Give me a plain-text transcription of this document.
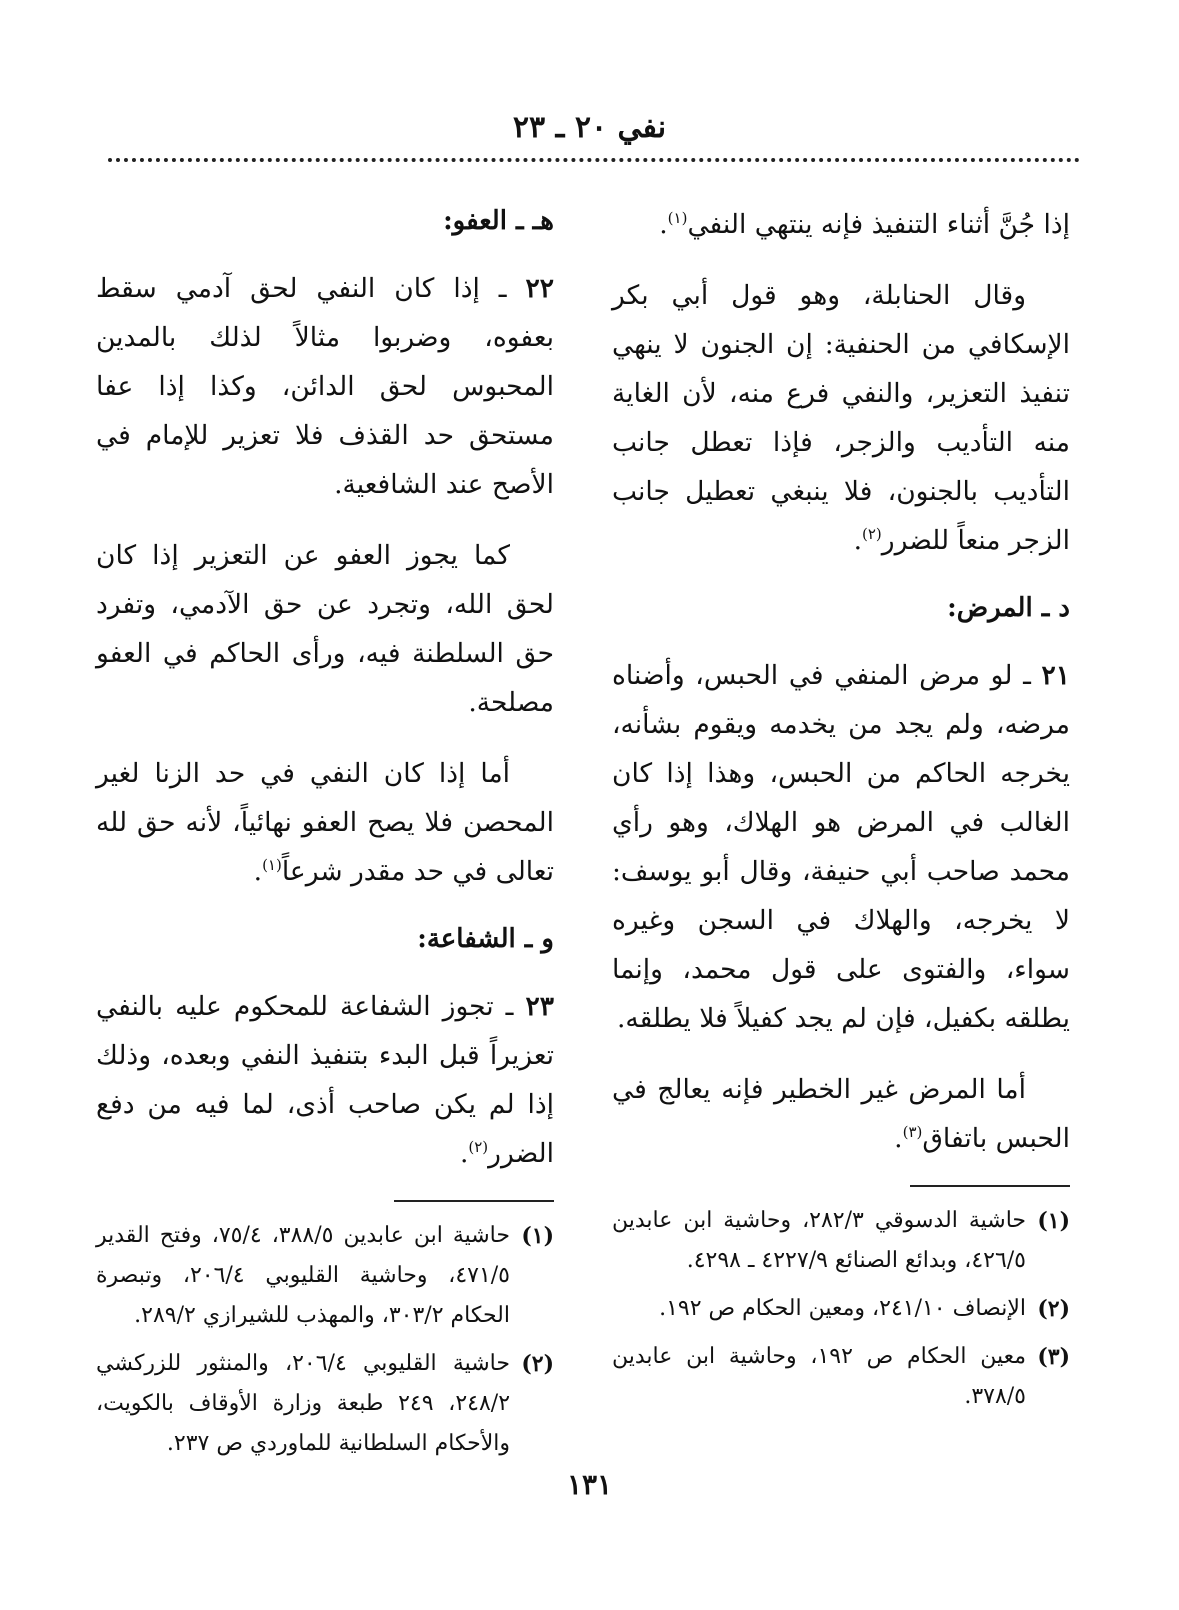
نفي ٢٠ ـ ٢٣

إذا جُنَّ أثناء التنفيذ فإنه ينتهي النفي$^{(١)}$.

وقال الحنابلة، وهو قول أبي بكر الإسكافي من الحنفية: إن الجنون لا ينهي تنفيذ التعزير، والنفي فرع منه، لأن الغاية منه التأديب والزجر، فإذا تعطل جانب التأديب بالجنون، فلا ينبغي تعطيل جانب الزجر منعاً للضرر$^{(٢)}$.

د ـ المرض:

٢١ ـ لو مرض المنفي في الحبس، وأضناه مرضه، ولم يجد من يخدمه ويقوم بشأنه، يخرجه الحاكم من الحبس، وهذا إذا كان الغالب في المرض هو الهلاك، وهو رأي محمد صاحب أبي حنيفة، وقال أبو يوسف: لا يخرجه، والهلاك في السجن وغيره سواء، والفتوى على قول محمد، وإنما يطلقه بكفيل، فإن لم يجد كفيلاً فلا يطلقه.

أما المرض غير الخطير فإنه يعالج في الحبس باتفاق$^{(٣)}$.

(١)
حاشية الدسوقي ٢٨٢/٣، وحاشية ابن عابدين ٤٢٦/٥، وبدائع الصنائع ٤٢٢٧/٩ ـ ٤٢٩٨.
(٢)
الإنصاف ٢٤١/١٠، ومعين الحكام ص ١٩٢.
(٣)
معين الحكام ص ١٩٢، وحاشية ابن عابدين ٣٧٨/٥.
هـ ـ العفو:

٢٢ ـ إذا كان النفي لحق آدمي سقط بعفوه، وضربوا مثالاً لذلك بالمدين المحبوس لحق الدائن، وكذا إذا عفا مستحق حد القذف فلا تعزير للإمام في الأصح عند الشافعية.

كما يجوز العفو عن التعزير إذا كان لحق الله، وتجرد عن حق الآدمي، وتفرد حق السلطنة فيه، ورأى الحاكم في العفو مصلحة.

أما إذا كان النفي في حد الزنا لغير المحصن فلا يصح العفو نهائياً، لأنه حق لله تعالى في حد مقدر شرعاً$^{(١)}$.

و ـ الشفاعة:

٢٣ ـ تجوز الشفاعة للمحكوم عليه بالنفي تعزيراً قبل البدء بتنفيذ النفي وبعده، وذلك إذا لم يكن صاحب أذى، لما فيه من دفع الضرر$^{(٢)}$.

(١)
حاشية ابن عابدين ٣٨٨/٥، ٧٥/٤، وفتح القدير ٤٧١/٥، وحاشية القليوبي ٢٠٦/٤، وتبصرة الحكام ٣٠٣/٢، والمهذب للشيرازي ٢٨٩/٢.
(٢)
حاشية القليوبي ٢٠٦/٤، والمنثور للزركشي ٢٤٨/٢، ٢٤٩ طبعة وزارة الأوقاف بالكويت، والأحكام السلطانية للماوردي ص ٢٣٧.
١٣١
